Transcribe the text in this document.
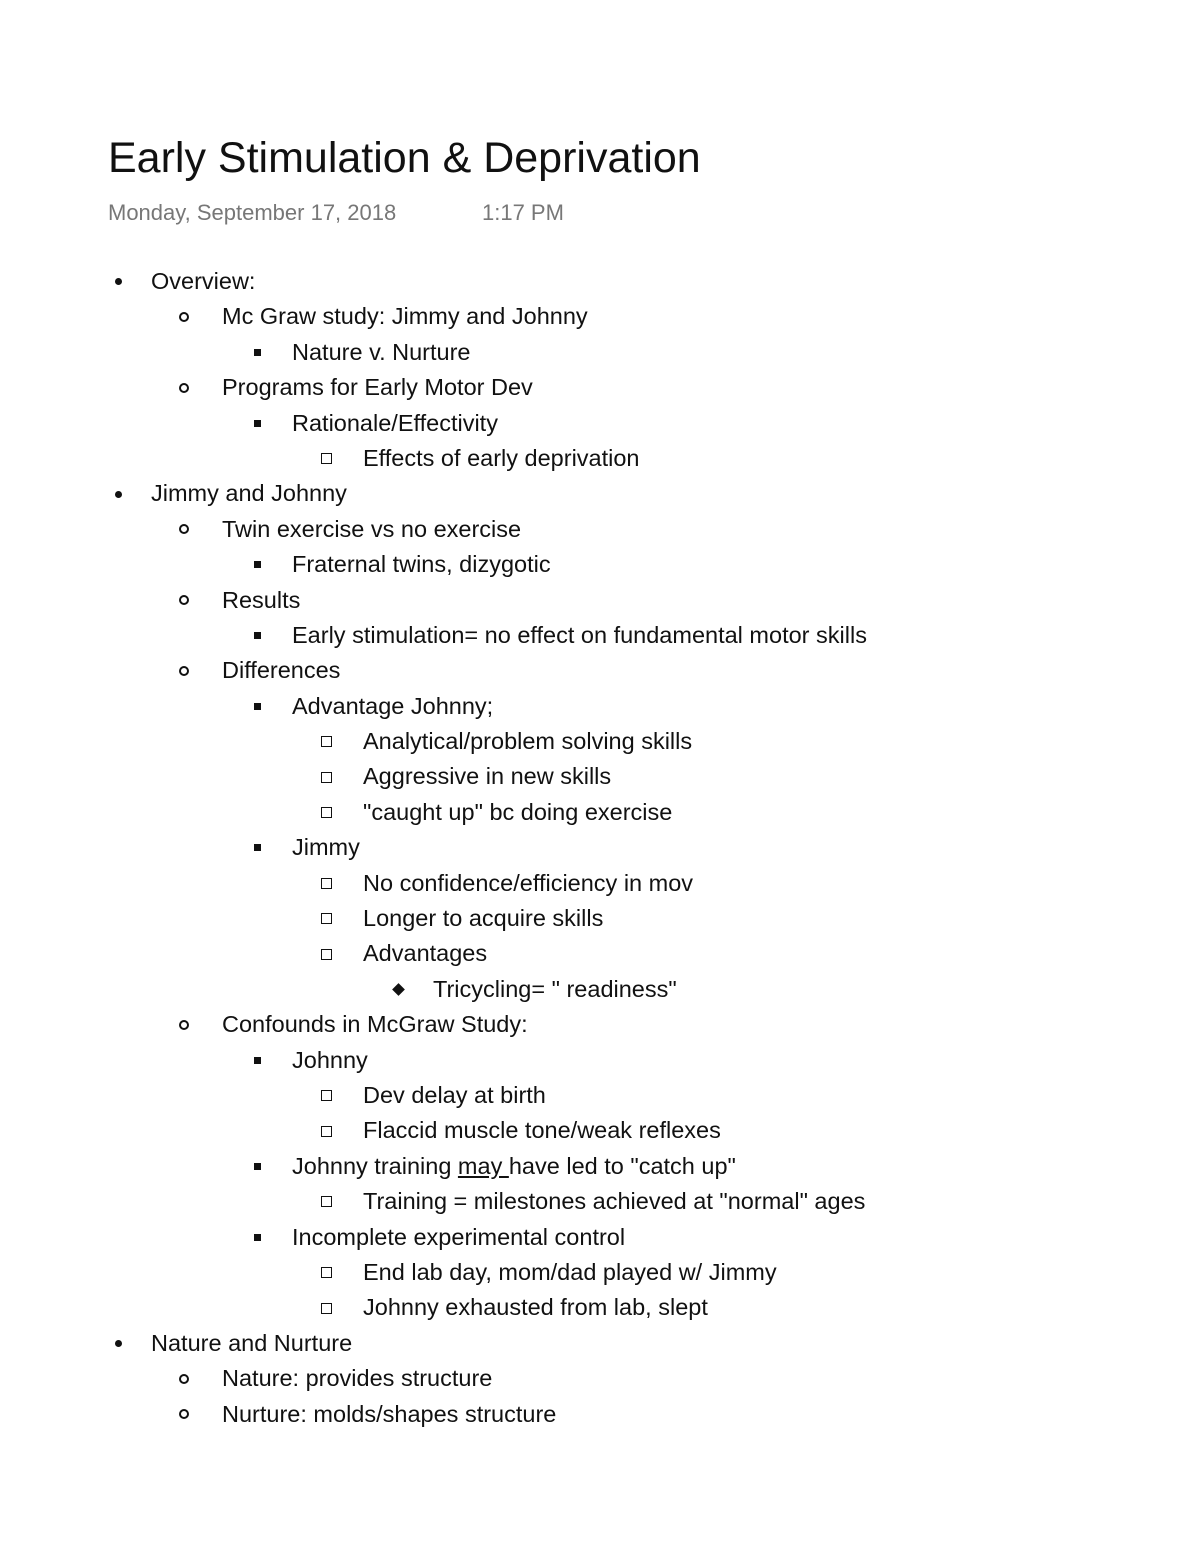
Early Stimulation & Deprivation
Monday, September 17, 2018	1:17 PM
Overview:
Mc Graw study: Jimmy and Johnny
Nature v. Nurture
Programs for Early Motor Dev
Rationale/Effectivity
Effects of early deprivation
Jimmy and Johnny
Twin exercise vs no exercise
Fraternal twins, dizygotic
Results
Early stimulation= no effect on fundamental motor skills
Differences
Advantage Johnny;
Analytical/problem solving skills
Aggressive in new skills
"caught up" bc doing exercise
Jimmy
No confidence/efficiency in mov
Longer to acquire skills
Advantages
Tricycling= " readiness"
Confounds in McGraw Study:
Johnny
Dev delay at birth
Flaccid muscle tone/weak reflexes
Johnny training may have led to "catch up"
Training = milestones achieved at "normal" ages
Incomplete experimental control
End lab day, mom/dad played w/ Jimmy
Johnny exhausted from lab, slept
Nature and Nurture
Nature: provides structure
Nurture: molds/shapes structure
